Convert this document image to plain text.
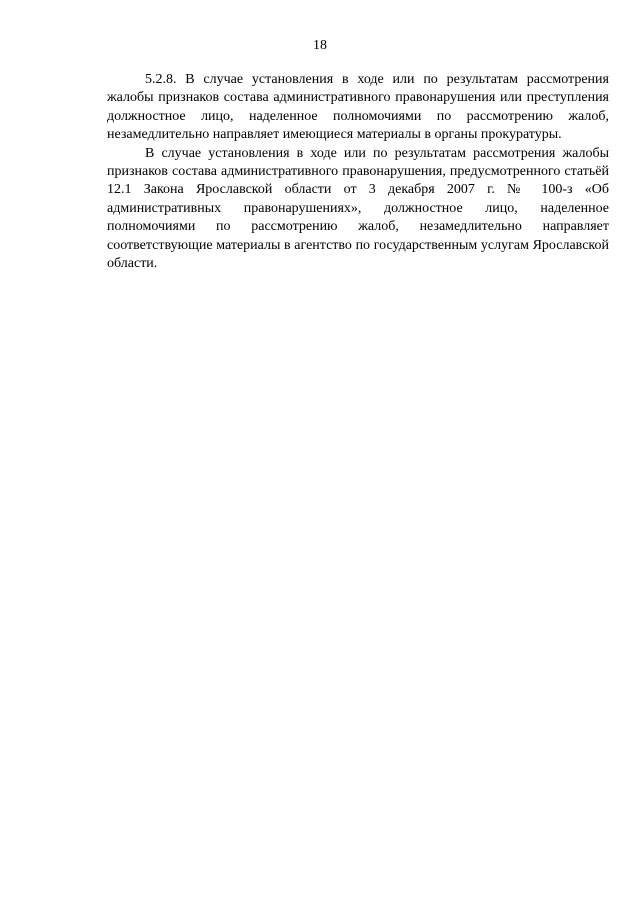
18

5.2.8. В случае установления в ходе или по результатам рассмотрения жалобы признаков состава административного правонарушения или преступления должностное лицо, наделенное полномочиями по рассмотрению жалоб, незамедлительно направляет имеющиеся материалы в органы прокуратуры.

В случае установления в ходе или по результатам рассмотрения жалобы признаков состава административного правонарушения, предусмотренного статьёй 12.1 Закона Ярославской области от 3 декабря 2007 г. № 100-з «Об административных правонарушениях», должностное лицо, наделенное полномочиями по рассмотрению жалоб, незамедлительно направляет соответствующие материалы в агентство по государственным услугам Ярославской области.
